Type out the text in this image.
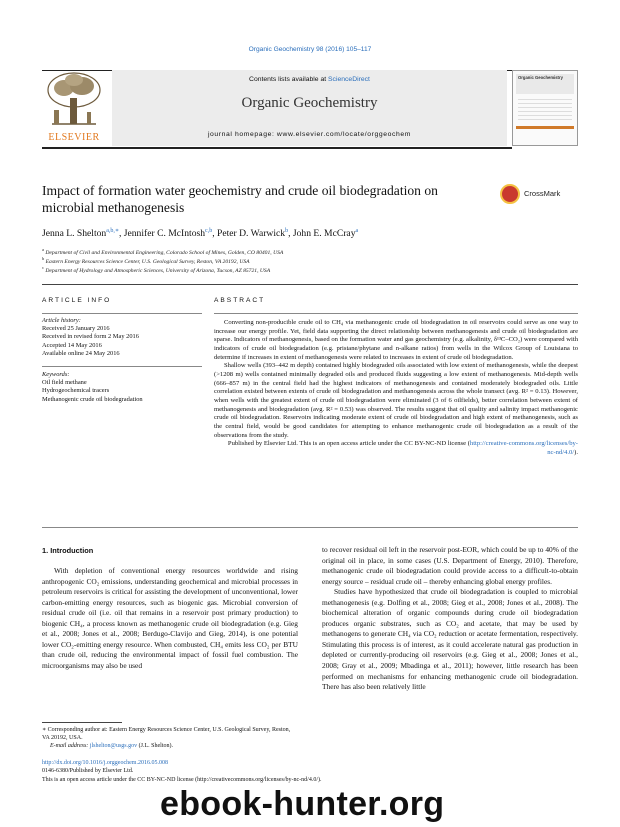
Organic Geochemistry 98 (2016) 105–117
ELSEVIER
Contents lists available at ScienceDirect
Organic Geochemistry
journal homepage: www.elsevier.com/locate/orggeochem
Organic Geochemistry
Impact of formation water geochemistry and crude oil biodegradation on microbial methanogenesis
CrossMark
Jenna L. Shelton$^{a,b,∗}$, Jennifer C. McIntosh$^{c,b}$, Peter D. Warwick$^b$, John E. McCray$^a$
$^a$ Department of Civil and Environmental Engineering, Colorado School of Mines, Golden, CO 80401, USA
$^b$ Eastern Energy Resources Science Center, U.S. Geological Survey, Reston, VA 20192, USA
$^c$ Department of Hydrology and Atmospheric Sciences, University of Arizona, Tucson, AZ 85721, USA
ARTICLE INFO	ABSTRACT
Article history:
Received 25 January 2016
Received in revised form 2 May 2016
Accepted 14 May 2016
Available online 24 May 2016
Keywords:
Oil field methane
Hydrogeochemical tracers
Methanogenic crude oil biodegradation

Converting non-producible crude oil to CH₄ via methanogenic crude oil biodegradation in oil reservoirs could serve as one way to increase our energy profile. Yet, field data supporting the direct relationship between methanogenesis and crude oil biodegradation are sparse. Indicators of methanogenesis, based on the formation water and gas geochemistry (e.g. alkalinity, δ¹³C–CO₂) were compared with indicators of crude oil biodegradation (e.g. pristane/phytane and n-alkane ratios) from wells in the Wilcox Group of Louisiana to determine if increases in extent of methanogenesis were related to increases in extent of crude oil biodegradation.

Shallow wells (393–442 m depth) contained highly biodegraded oils associated with low extent of methanogenesis, while the deepest (>1208 m) wells contained minimally degraded oils and produced fluids suggesting a low extent of methanogenesis. Mid-depth wells (666–857 m) in the central field had the highest indicators of methanogenesis and contained moderately biodegraded oils. Little correlation existed between extents of crude oil biodegradation and methanogenesis across the whole transect (avg. R² = 0.13). However, when wells with the greatest extent of crude oil biodegradation were eliminated (3 of 6 oilfields), better correlation between extent of methanogenesis and biodegradation (avg. R² = 0.53) was observed. The results suggest that oil quality and salinity impact methanogenic crude oil biodegradation. Reservoirs indicating moderate extent of crude oil biodegradation and high extent of methanogenesis, such as the central field, would be good candidates for attempting to enhance methanogenic crude oil biodegradation as a result of the observations from the study.

Published by Elsevier Ltd. This is an open access article under the CC BY-NC-ND license (http://creative-commons.org/licenses/by-nc-nd/4.0/).

1. Introduction

With depletion of conventional energy resources worldwide and rising anthropogenic CO₂ emissions, understanding geochemical and microbial processes in petroleum reservoirs is critical for assisting the development of unconventional, lower carbon-emitting energy resources, such as biogenic gas. Microbial conversion of residual crude oil (i.e. oil that remains in a reservoir post primary production) to biogenic CH₄, a process known as methanogenic crude oil biodegradation (e.g. Gieg et al., 2008; Jones et al., 2008; Berdugo-Clavijo and Gieg, 2014), is one potential lower CO₂-emitting energy resource. When combusted, CH₄ emits less CO₂ per BTU than crude oil, reducing the environmental impact of fossil fuel combustion. The microorganisms may also be used

to recover residual oil left in the reservoir post-EOR, which could be up to 40% of the original oil in place, in some cases (U.S. Department of Energy, 2010). Therefore, methanogenic crude oil biodegradation could provide access to a difficult-to-obtain energy source – residual crude oil – thereby enhancing global energy profiles.

Studies have hypothesized that crude oil biodegradation is coupled to microbial methanogenesis (e.g. Dolfing et al., 2008; Gieg et al., 2008; Jones et al., 2008). The biochemical alteration of organic compounds during crude oil biodegradation produces organic substrates, such as CO₂ and acetate, that may be used by methanogens to generate CH₄ via CO₂ reduction or acetate fermentation, respectively. Stimulating this process is of interest, as it could accelerate natural gas production in depleted or currently-producing oil reservoirs (e.g. Gieg et al., 2008; Jones et al., 2008; Gray et al., 2009; Mbadinga et al., 2011); however, little research has been performed on mechanisms for enhancing methanogenic crude oil biodegradation. There has also been relatively little

∗ Corresponding author at: Eastern Energy Resources Science Center, U.S. Geological Survey, Reston, VA 20192, USA.
E-mail address: jlshelton@usgs.gov (J.L. Shelton).
http://dx.doi.org/10.1016/j.orggeochem.2016.05.008
0146-6380/Published by Elsevier Ltd.
This is an open access article under the CC BY-NC-ND license (http://creativecommons.org/licenses/by-nc-nd/4.0/).
ebook-hunter.org
